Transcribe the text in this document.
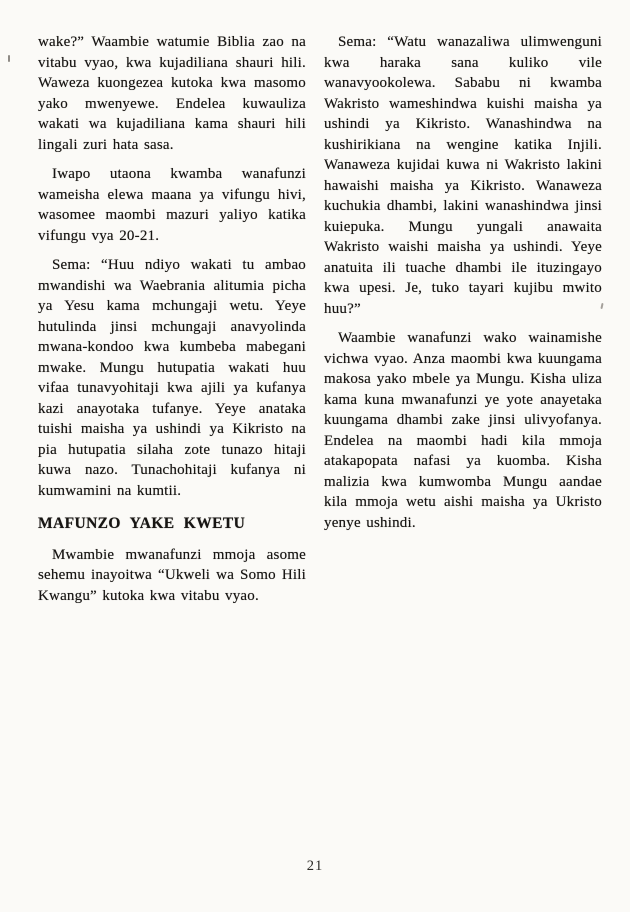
wake?” Waambie watumie Biblia zao na vitabu vyao, kwa kujadiliana shauri hili. Waweza kuongezea kutoka kwa masomo yako mwenyewe. Endelea kuwauliza wakati wa kujadiliana kama shauri hili lingali zuri hata sasa.

Iwapo utaona kwamba wanafunzi wameisha elewa maana ya vifungu hivi, wasomee maombi mazuri yaliyo katika vifungu vya 20-21.

Sema: “Huu ndiyo wakati tu ambao mwandishi wa Waebrania alitumia picha ya Yesu kama mchungaji wetu. Yeye hutulinda jinsi mchungaji anavyolinda mwana-kondoo kwa kumbeba mabegani mwake. Mungu hutupatia wakati huu vifaa tunavyohitaji kwa ajili ya kufanya kazi anayotaka tufanye. Yeye anataka tuishi maisha ya ushindi ya Kikristo na pia hutupatia silaha zote tunazo hitaji kuwa nazo. Tunachohitaji kufanya ni kumwamini na kumtii.

MAFUNZO YAKE KWETU

Mwambie mwanafunzi mmoja asome sehemu inayoitwa “Ukweli wa Somo Hili Kwangu” kutoka kwa vitabu vyao.

Sema: “Watu wanazaliwa ulimwenguni kwa haraka sana kuliko vile wanavyookolewa. Sababu ni kwamba Wakristo wameshindwa kuishi maisha ya ushindi ya Kikristo. Wanashindwa na kushirikiana na wengine katika Injili. Wanaweza kujidai kuwa ni Wakristo lakini hawaishi maisha ya Kikristo. Wanaweza kuchukia dhambi, lakini wanashindwa jinsi kuiepuka. Mungu yungali anawaita Wakristo waishi maisha ya ushindi. Yeye anatuita ili tuache dhambi ile ituzingayo kwa upesi. Je, tuko tayari kujibu mwito huu?”

Waambie wanafunzi wako wainamishe vichwa vyao. Anza maombi kwa kuungama makosa yako mbele ya Mungu. Kisha uliza kama kuna mwanafunzi ye yote anayetaka kuungama dhambi zake jinsi ulivyofanya. Endelea na maombi hadi kila mmoja atakapopata nafasi ya kuomba. Kisha malizia kwa kumwomba Mungu aandae kila mmoja wetu aishi maisha ya Ukristo yenye ushindi.

21
